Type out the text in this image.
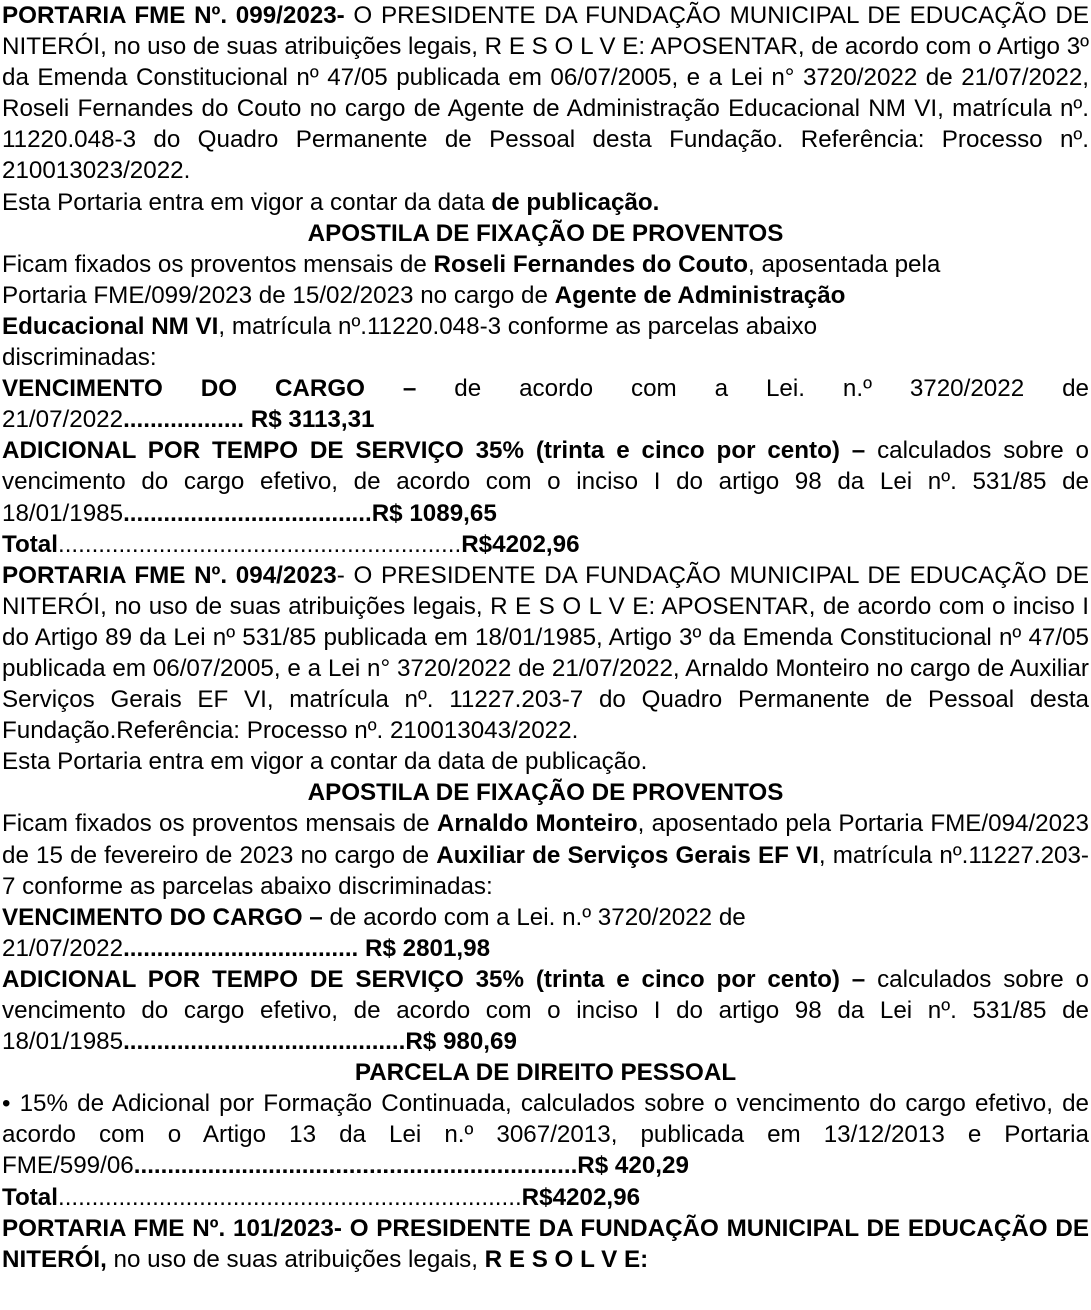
PORTARIA FME Nº. 099/2023- O PRESIDENTE DA FUNDAÇÃO MUNICIPAL DE EDUCAÇÃO DE NITERÓI, no uso de suas atribuições legais, R E S O L V E: APOSENTAR, de acordo com o Artigo 3º da Emenda Constitucional nº 47/05 publicada em 06/07/2005, e a Lei n° 3720/2022 de 21/07/2022, Roseli Fernandes do Couto no cargo de Agente de Administração Educacional NM VI, matrícula nº. 11220.048-3 do Quadro Permanente de Pessoal desta Fundação. Referência: Processo nº. 210013023/2022.

Esta Portaria entra em vigor a contar da data de publicação.

APOSTILA DE FIXAÇÃO DE PROVENTOS

Ficam fixados os proventos mensais de Roseli Fernandes do Couto, aposentada pela
Portaria FME/099/2023 de 15/02/2023 no cargo de Agente de Administração
Educacional NM VI, matrícula nº.11220.048-3 conforme as parcelas abaixo
discriminadas:

VENCIMENTO DO CARGO – de acordo com a Lei. n.º 3720/2022 de

21/07/2022.................. R$ 3113,31

ADICIONAL POR TEMPO DE SERVIÇO 35% (trinta e cinco por cento) – calculados sobre o vencimento do cargo efetivo, de acordo com o inciso I do artigo 98 da Lei nº. 531/85 de 18/01/1985.....................................R$ 1089,65

Total............................................................R$4202,96

PORTARIA FME Nº. 094/2023- O PRESIDENTE DA FUNDAÇÃO MUNICIPAL DE EDUCAÇÃO DE NITERÓI, no uso de suas atribuições legais, R E S O L V E: APOSENTAR, de acordo com o inciso I do Artigo 89 da Lei nº 531/85 publicada em 18/01/1985, Artigo 3º da Emenda Constitucional nº 47/05 publicada em 06/07/2005, e a Lei n° 3720/2022 de 21/07/2022, Arnaldo Monteiro no cargo de Auxiliar Serviços Gerais EF VI, matrícula nº. 11227.203-7 do Quadro Permanente de Pessoal desta Fundação.Referência: Processo nº. 210013043/2022.

Esta Portaria entra em vigor a contar da data de publicação.

APOSTILA DE FIXAÇÃO DE PROVENTOS

Ficam fixados os proventos mensais de Arnaldo Monteiro, aposentado pela Portaria FME/094/2023 de 15 de fevereiro de 2023 no cargo de Auxiliar de Serviços Gerais EF VI, matrícula nº.11227.203-7 conforme as parcelas abaixo discriminadas:

VENCIMENTO DO CARGO – de acordo com a Lei. n.º 3720/2022 de

21/07/2022................................... R$ 2801,98

ADICIONAL POR TEMPO DE SERVIÇO 35% (trinta e cinco por cento) – calculados sobre o vencimento do cargo efetivo, de acordo com o inciso I do artigo 98 da Lei nº. 531/85 de 18/01/1985..........................................R$ 980,69

PARCELA DE DIREITO PESSOAL

• 15% de Adicional por Formação Continuada, calculados sobre o vencimento do cargo efetivo, de acordo com o Artigo 13 da Lei n.º 3067/2013, publicada em 13/12/2013 e Portaria FME/599/06..................................................................R$ 420,29

Total.....................................................................R$4202,96

PORTARIA FME Nº. 101/2023- O PRESIDENTE DA FUNDAÇÃO MUNICIPAL DE EDUCAÇÃO DE NITERÓI, no uso de suas atribuições legais, R E S O L V E:
